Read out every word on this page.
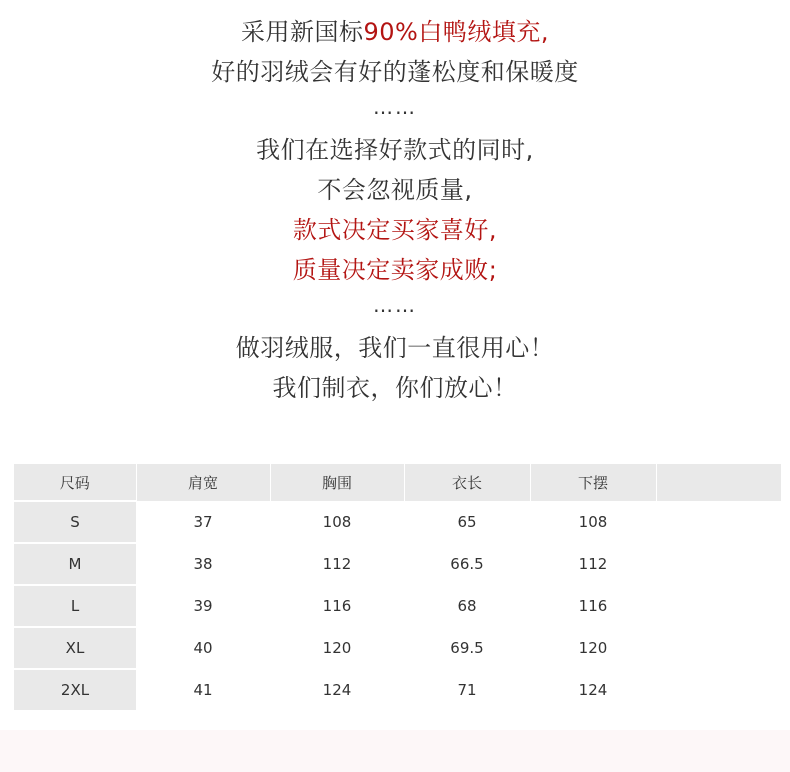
采用新国标90%白鸭绒填充,
好的羽绒会有好的蓬松度和保暖度
……
我们在选择好款式的同时,
不会忽视质量,
款式决定买家喜好,
质量决定卖家成败;
……
做羽绒服，我们一直很用心！
我们制衣，你们放心！
尺码	肩宽	胸围	衣长	下摆	
S	37	108	65	108	
M	38	112	66.5	112	
L	39	116	68	116	
XL	40	120	69.5	120	
2XL	41	124	71	124	
